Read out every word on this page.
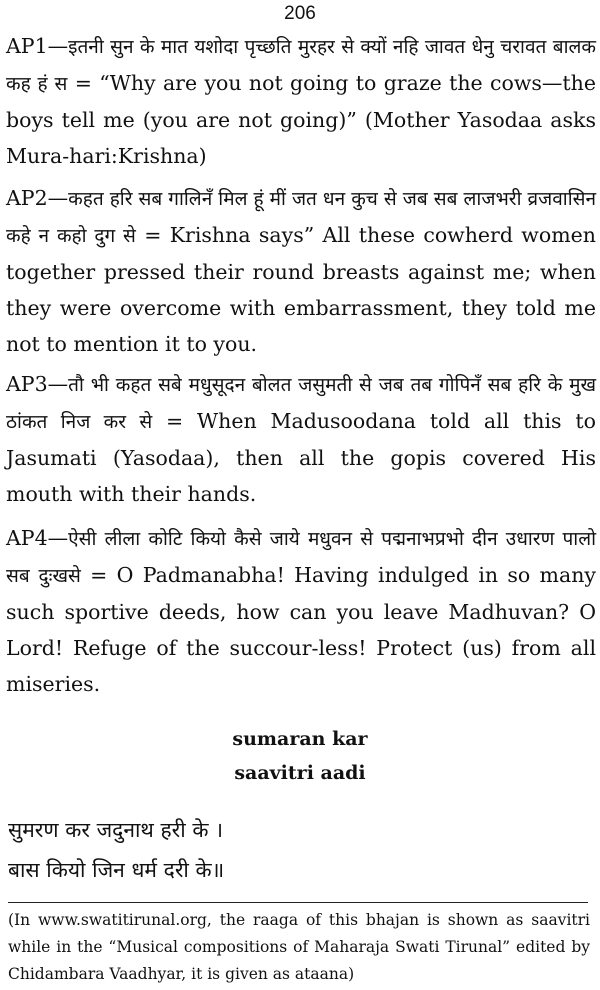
206

AP1—इतनी सुन के मात यशोदा पृच्छति मुरहर से क्यों नहि जावत धेनु चरावत बालक कह हं स = “Why are you not going to graze the cows—the boys tell me (you are not going)” (Mother Yasodaa asks Mura-hari:Krishna)

AP2—कहत हरि सब गालिनँ मिल हूं मीं जत धन कुच से जब सब लाजभरी व्रजवासिन कहे न कहो दुग से = Krishna says” All these cowherd women together pressed their round breasts against me; when they were overcome with embarrassment, they told me not to mention it to you.

AP3—तौ भी कहत सबे मधुसूदन बोलत जसुमती से जब तब गोपिनँ सब हरि के मुख ठांकत निज कर से = When Madusoodana told all this to Jasumati (Yasodaa), then all the gopis covered His mouth with their hands.

AP4—ऐसी लीला कोटि कियो कैसे जाये मधुवन से पद्मनाभप्रभो दीन उधारण पालो सब दुःखसे = O Padmanabha! Having indulged in so many such sportive deeds, how can you leave Madhuvan? O Lord! Refuge of the succour-less! Protect (us) from all miseries.

sumaran kar
saavitri aadi
सुमरण कर जदुनाथ हरी के ।
बास कियो जिन धर्म दरी के॥

(In www.swatitirunal.org, the raaga of this bhajan is shown as saavitri while in the “Musical compositions of Maharaja Swati Tirunal” edited by Chidambara Vaadhyar, it is given as ataana)
